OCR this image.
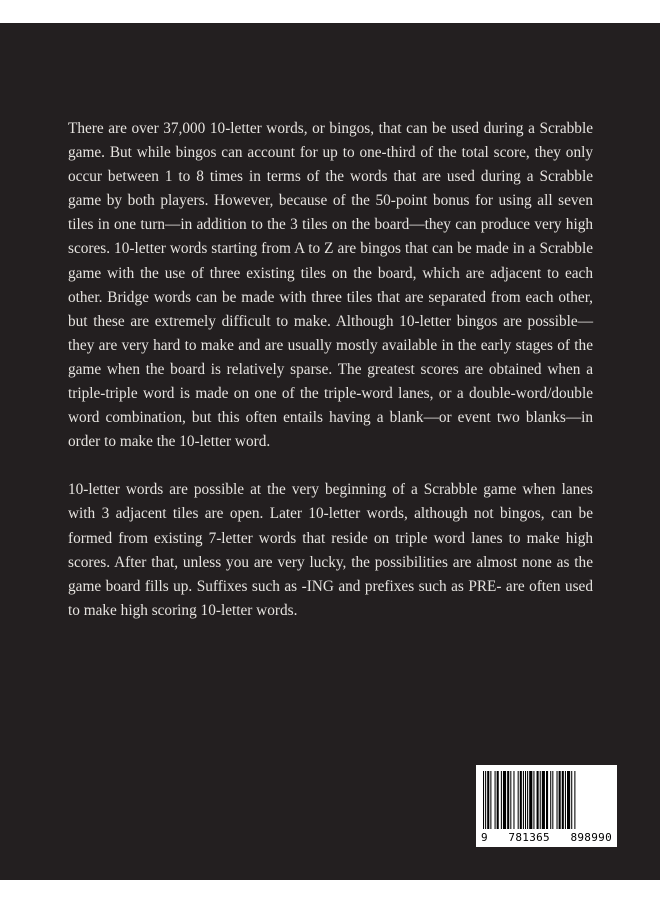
There are over 37,000 10-letter words, or bingos, that can be used during a Scrabble game. But while bingos can account for up to one-third of the total score, they only occur between 1 to 8 times in terms of the words that are used during a Scrabble game by both players. However, because of the 50-point bonus for using all seven tiles in one turn—in addition to the 3 tiles on the board—they can produce very high scores. 10-letter words starting from A to Z are bingos that can be made in a Scrabble game with the use of three existing tiles on the board, which are adjacent to each other. Bridge words can be made with three tiles that are separated from each other, but these are extremely difficult to make. Although 10-letter bingos are possible—they are very hard to make and are usually mostly available in the early stages of the game when the board is relatively sparse. The greatest scores are obtained when a triple-triple word is made on one of the triple-word lanes, or a double-word/double word combination, but this often entails having a blank—or event two blanks—in order to make the 10-letter word.

10-letter words are possible at the very beginning of a Scrabble game when lanes with 3 adjacent tiles are open. Later 10-letter words, although not bingos, can be formed from existing 7-letter words that reside on triple word lanes to make high scores. After that, unless you are very lucky, the possibilities are almost none as the game board fills up. Suffixes such as -ING and prefixes such as PRE- are often used to make high scoring 10-letter words.

9 781365 898990
